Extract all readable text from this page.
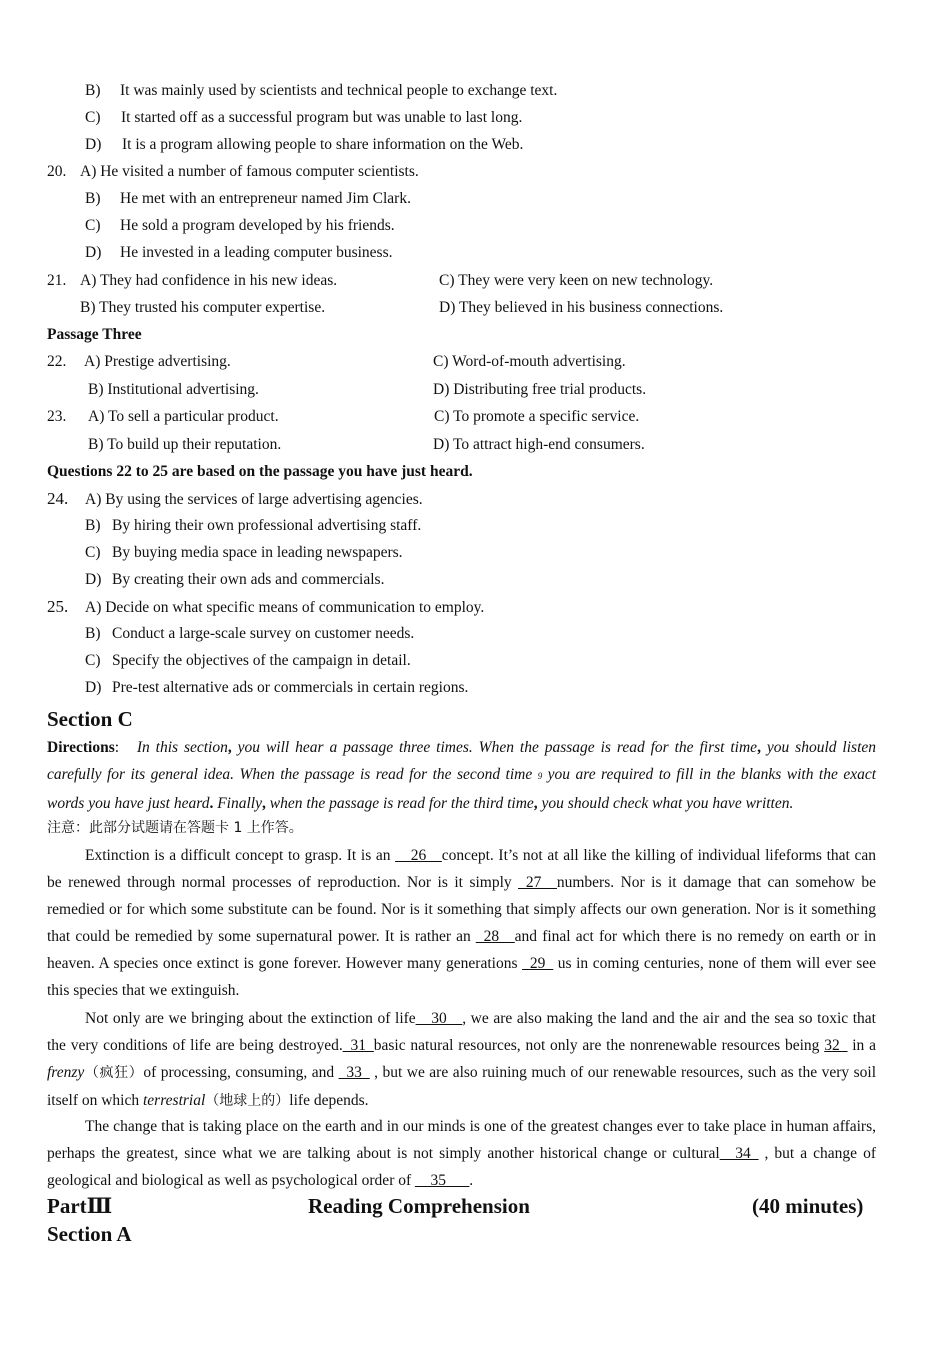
B) It was mainly used by scientists and technical people to exchange text.
C) It started off as a successful program but was unable to last long.
D) It is a program allowing people to share information on the Web.
20. A) He visited a number of famous computer scientists.
B) He met with an entrepreneur named Jim Clark.
C) He sold a program developed by his friends.
D) He invested in a leading computer business.
21. A) They had confidence in his new ideas.	C) They were very keen on new technology.
B) They trusted his computer expertise.	D) They believed in his business connections.
Passage Three
22. A) Prestige advertising.	C) Word-of-mouth advertising.
B) Institutional advertising.	D) Distributing free trial products.
23. A) To sell a particular product.	C) To promote a specific service.
B) To build up their reputation.	D) To attract high-end consumers.
Questions 22 to 25 are based on the passage you have just heard.
24. A) By using the services of large advertising agencies.
B) By hiring their own professional advertising staff.
C) By buying media space in leading newspapers.
D) By creating their own ads and commercials.
25. A) Decide on what specific means of communication to employ.
B) Conduct a large-scale survey on customer needs.
C) Specify the objectives of the campaign in detail.
D) Pre-test alternative ads or commercials in certain regions.
Section C
Directions: In this section, you will hear a passage three times. When the passage is read for the first time, you should listen carefully for its general idea. When the passage is read for the second time 9 you are required to fill in the blanks with the exact words you have just heard. Finally, when the passage is read for the third time, you should check what you have written.
注意：此部分试题请在答题卡 1 上作答。
Extinction is a difficult concept to grasp. It is an __26__concept. It’s not at all like the killing of individual lifeforms that can be renewed through normal processes of reproduction. Nor is it simply _27__numbers. Nor is it damage that can somehow be remedied or for which some substitute can be found. Nor is it something that simply affects our own generation. Nor is it something that could be remedied by some supernatural power. It is rather an _28__and final act for which there is no remedy on earth or in heaven. A species once extinct is gone forever. However many generations _29_ us in coming centuries, none of them will ever see this species that we extinguish.
Not only are we bringing about the extinction of life__30__, we are also making the land and the air and the sea so toxic that the very conditions of life are being destroyed._31_basic natural resources, not only are the nonrenewable resources being 32_ in a frenzy（疯狂）of processing, consuming, and _33_ , but we are also ruining much of our renewable resources, such as the very soil itself on which terrestrial（地球上的）life depends.
The change that is taking place on the earth and in our minds is one of the greatest changes ever to take place in human affairs, perhaps the greatest, since what we are talking about is not simply another historical change or cultural__34_ , but a change of geological and biological as well as psychological order of __35___.
PartⅢ	Reading Comprehension	(40 minutes)
Section A
